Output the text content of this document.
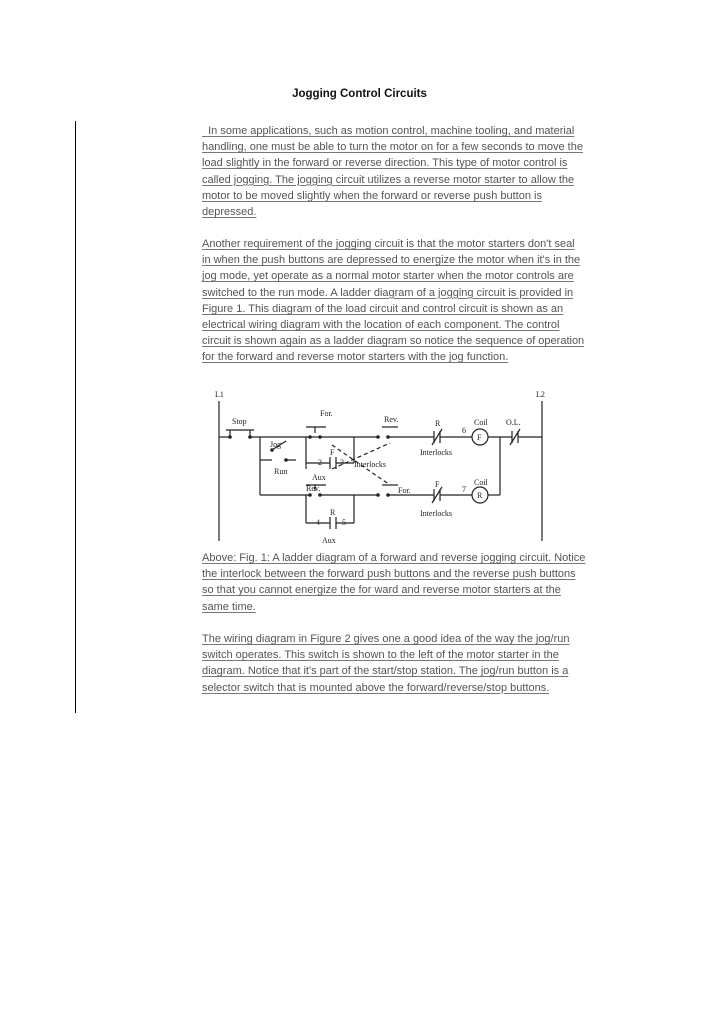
Jogging Control Circuits
In some applications, such as motion control, machine tooling, and material
handling, one must be able to turn the motor on for a few seconds to move the
load slightly in the forward or reverse direction. This type of motor control is
called jogging. The jogging circuit utilizes a reverse motor starter to allow the
motor to be moved slightly when the forward or reverse push button is
depressed.
Another requirement of the jogging circuit is that the motor starters don't seal
in when the push buttons are depressed to energize the motor when it's in the
jog mode, yet operate as a normal motor starter when the motor controls are
switched to the run mode. A ladder diagram of a jogging circuit is provided in
Figure 1. This diagram of the load circuit and control circuit is shown as an
electrical wiring diagram with the location of each component. The control
circuit is shown again as a ladder diagram so notice the sequence of operation
for the forward and reverse motor starters with the jog function.
L1	L2
Stop
Jog
Run
For.
Rev.	R	Coil
6
F
O.L.
F
2 3
Interlocks
Interlocks
Aux
Rev.	For.
F	Coil
7
R
Interlocks
R
4	5
Aux
Above: Fig. 1: A ladder diagram of a forward and reverse jogging circuit. Notice
the interlock between the forward push buttons and the reverse push buttons
so that you cannot energize the for ward and reverse motor starters at the
same time.
The wiring diagram in Figure 2 gives one a good idea of the way the jog/run
switch operates. This switch is shown to the left of the motor starter in the
diagram. Notice that it's part of the start/stop station. The jog/run button is a
selector switch that is mounted above the forward/reverse/stop buttons.
